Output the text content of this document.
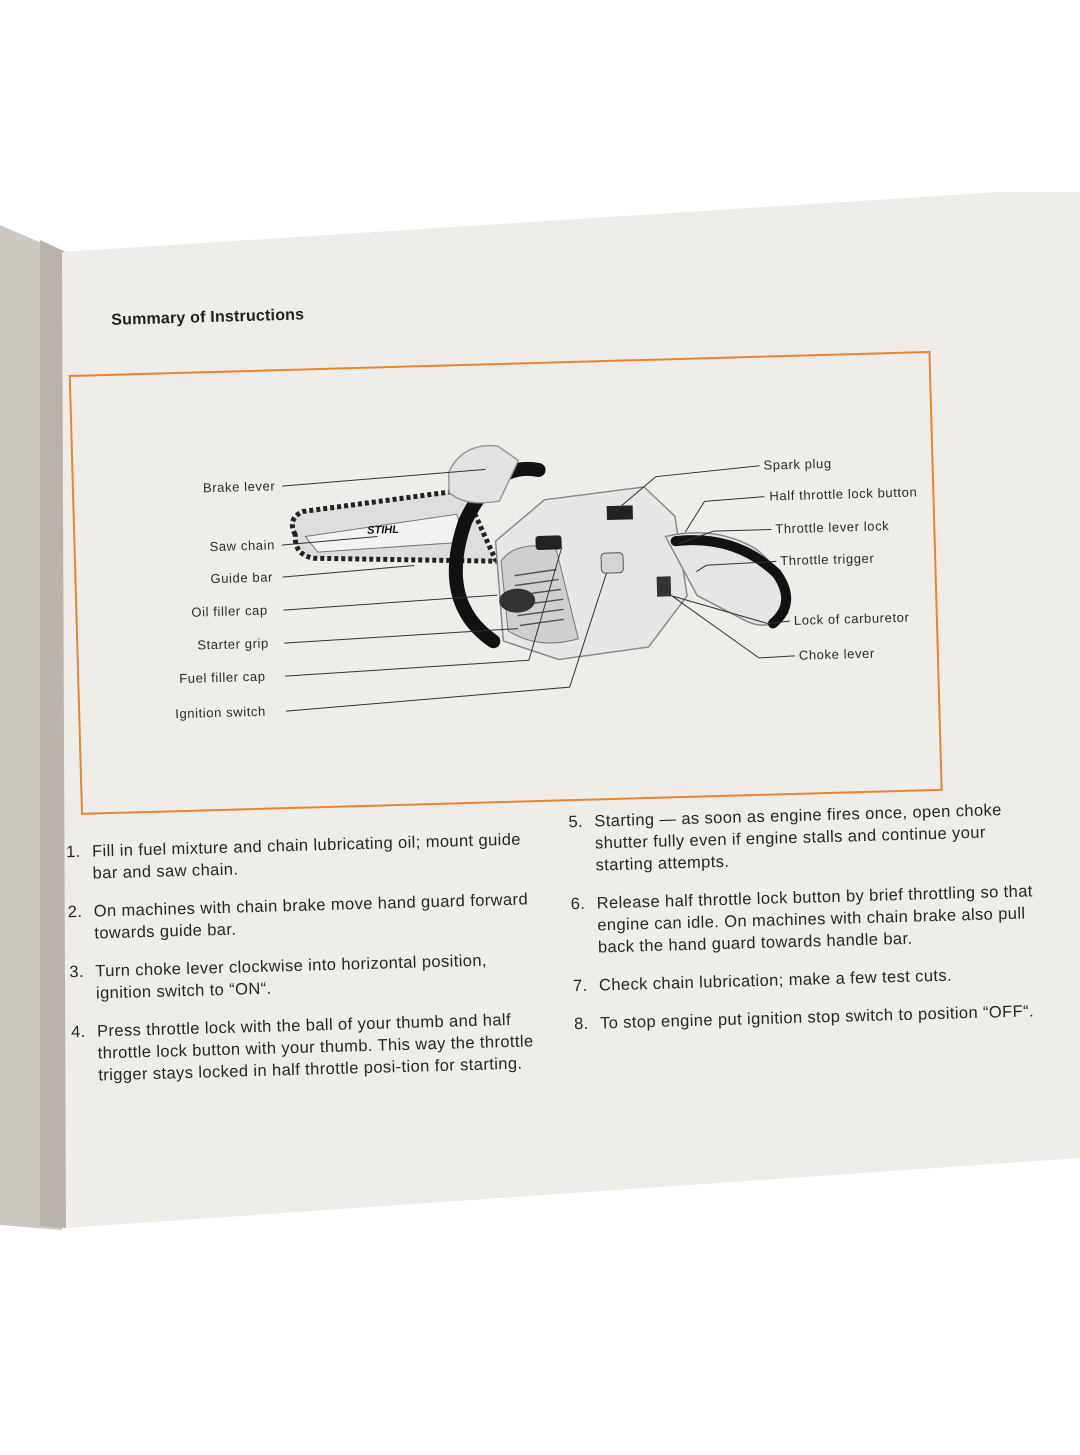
Summary of Instructions
STIHL
Brake lever
Saw chain
Guide bar
Oil filler cap
Starter grip
Fuel filler cap
Ignition switch
Spark plug
Half throttle lock button
Throttle lever lock
Throttle trigger
Lock of carburetor
Choke lever
1. Fill in fuel mixture and chain lubricating oil; mount guide bar and saw chain.
2. On machines with chain brake move hand guard forward towards guide bar.
3. Turn choke lever clockwise into horizontal position, ignition switch to “ON“.
4. Press throttle lock with the ball of your thumb and half throttle lock button with your thumb. This way the throttle trigger stays locked in half throttle posi-tion for starting.
5. Starting — as soon as engine fires once, open choke shutter fully even if engine stalls and continue your starting attempts.
6. Release half throttle lock button by brief throttling so that engine can idle. On machines with chain brake also pull back the hand guard towards handle bar.
7. Check chain lubrication; make a few test cuts.
8. To stop engine put ignition stop switch to position “OFF“.
